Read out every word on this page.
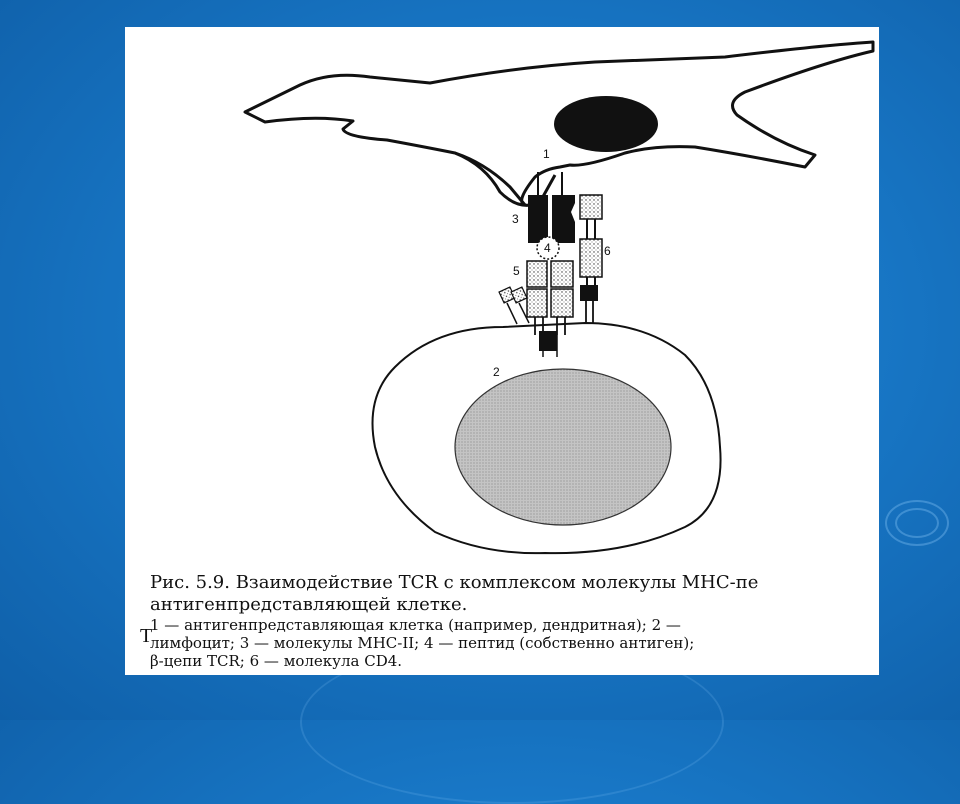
1
3
4
5
6
2
Рис. 5.9. Взаимодействие TCR с комплексом молекулы MHC-пе
антигенпредставляющей клетке.
1 — антигенпредставляющая клетка (например, дендритная); 2 —
лимфоцит; 3 — молекулы MHC-II; 4 — пептид (собственно антиген);
β-цепи TCR; 6 — молекула CD4.
Т
